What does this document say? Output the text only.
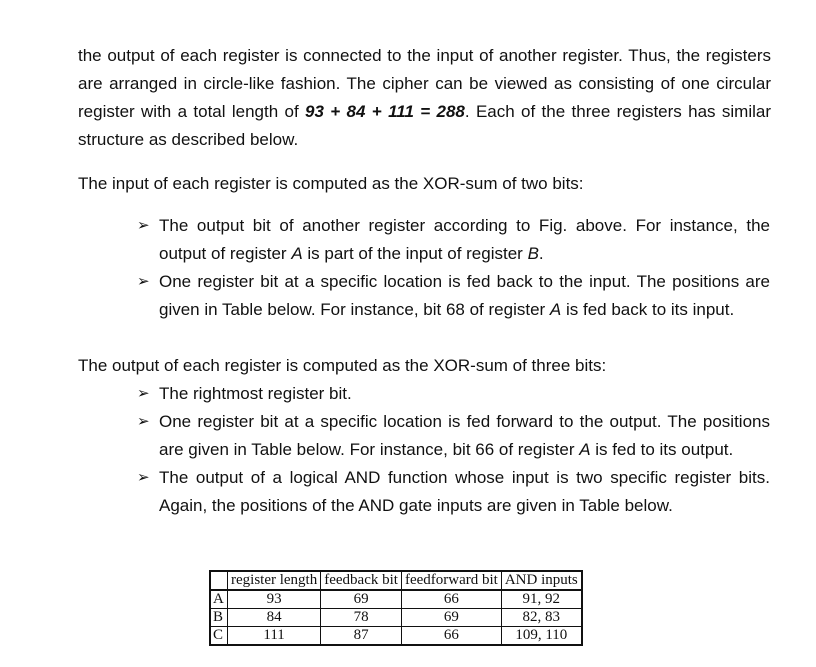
the output of each register is connected to the input of another register. Thus, the registers are arranged in circle-like fashion. The cipher can be viewed as consisting of one circular register with a total length of 93 + 84 + 111 = 288. Each of the three registers has similar structure as described below.

The input of each register is computed as the XOR-sum of two bits:

➢ The output bit of another register according to Fig. above. For instance, the output of register A is part of the input of register B.
➢ One register bit at a specific location is fed back to the input. The positions are given in Table below. For instance, bit 68 of register A is fed back to its input.

The output of each register is computed as the XOR-sum of three bits:

➢ The rightmost register bit.
➢ One register bit at a specific location is fed forward to the output. The positions are given in Table below. For instance, bit 66 of register A is fed to its output.
➢ The output of a logical AND function whose input is two specific register bits. Again, the positions of the AND gate inputs are given in Table below.
	register length	feedback bit	feedforward bit	AND inputs
A	93	69	66	91, 92
B	84	78	69	82, 83
C	111	87	66	109, 110
